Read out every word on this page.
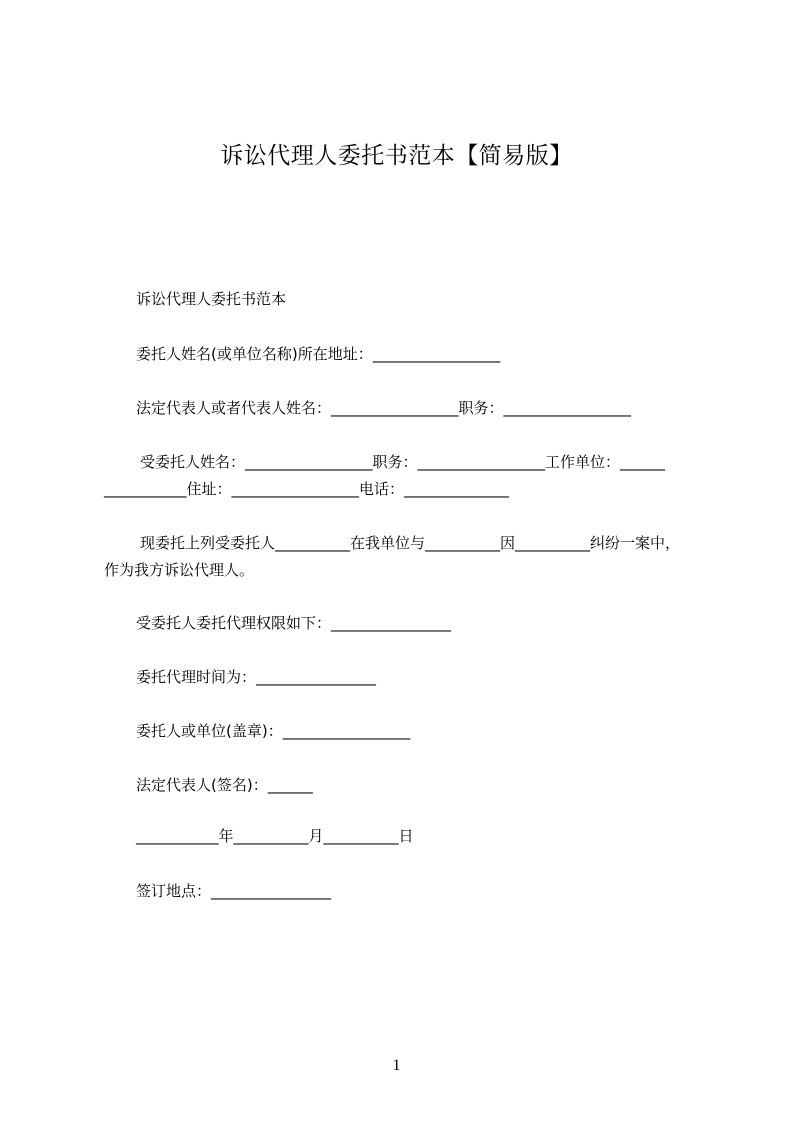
诉讼代理人委托书范本【简易版】
诉讼代理人委托书范本
委托人姓名(或单位名称)所在地址：_________________
法定代表人或者代表人姓名：_________________职务：_________________
受委托人姓名：_________________职务：_________________工作单位：______
___________住址：_________________电话：______________
现委托上列受委托人__________在我单位与__________因__________纠纷一案中，
作为我方诉讼代理人。
受委托人委托代理权限如下：________________
委托代理时间为：________________
委托人或单位(盖章)：_________________
法定代表人(签名)：______
___________年__________月__________日
签订地点：________________
1
